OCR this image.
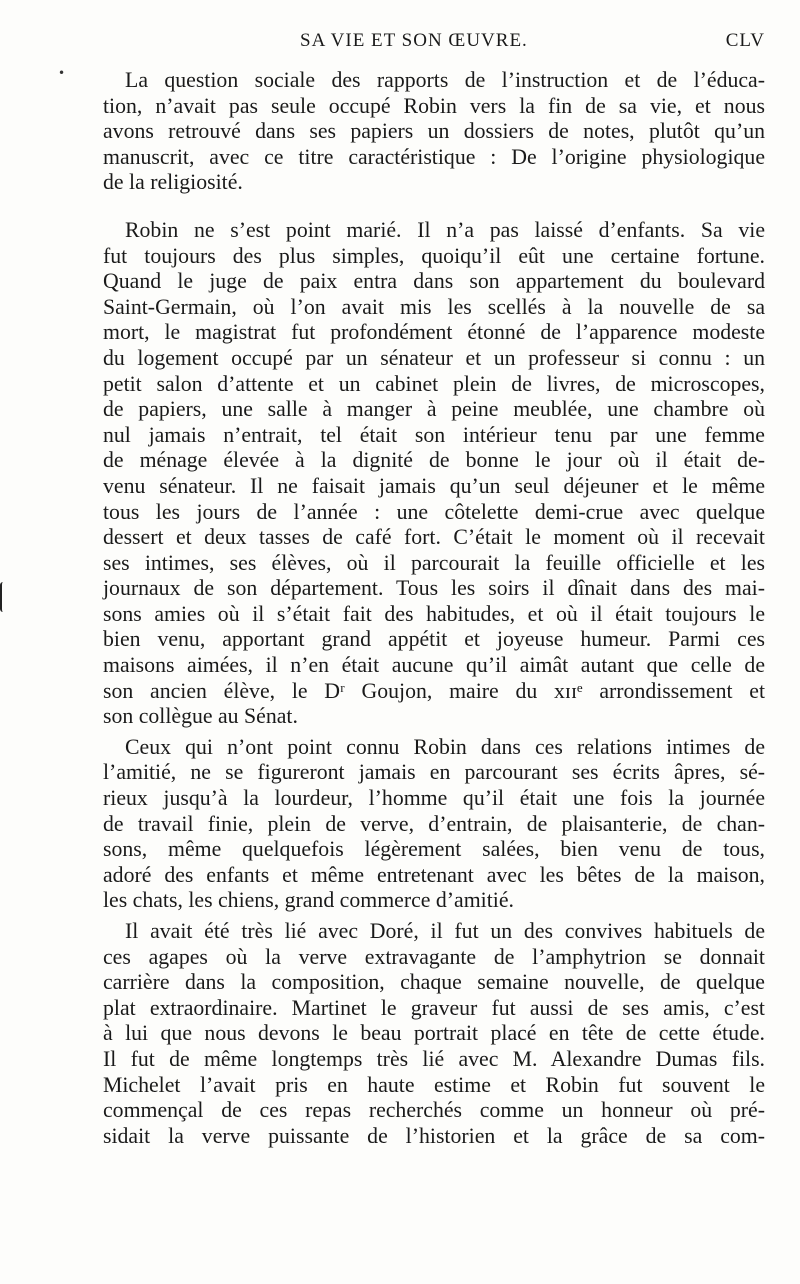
•
SA VIE ET SON ŒUVRE.	CLV
La question sociale des rapports de l’instruction et de l’éduca-
tion, n’avait pas seule occupé Robin vers la fin de sa vie, et nous
avons retrouvé dans ses papiers un dossiers de notes, plutôt qu’un
manuscrit, avec ce titre caractéristique : De l’origine physiologique
de la religiosité.
Robin ne s’est point marié. Il n’a pas laissé d’enfants. Sa vie
fut toujours des plus simples, quoiqu’il eût une certaine fortune.
Quand le juge de paix entra dans son appartement du boulevard
Saint-Germain, où l’on avait mis les scellés à la nouvelle de sa
mort, le magistrat fut profondément étonné de l’apparence modeste
du logement occupé par un sénateur et un professeur si connu : un
petit salon d’attente et un cabinet plein de livres, de microscopes,
de papiers, une salle à manger à peine meublée, une chambre où
nul jamais n’entrait, tel était son intérieur tenu par une femme
de ménage élevée à la dignité de bonne le jour où il était de-
venu sénateur. Il ne faisait jamais qu’un seul déjeuner et le même
tous les jours de l’année : une côtelette demi-crue avec quelque
dessert et deux tasses de café fort. C’était le moment où il recevait
ses intimes, ses élèves, où il parcourait la feuille officielle et les
journaux de son département. Tous les soirs il dînait dans des mai-
sons amies où il s’était fait des habitudes, et où il était toujours le
bien venu, apportant grand appétit et joyeuse humeur. Parmi ces
maisons aimées, il n’en était aucune qu’il aimât autant que celle de
son ancien élève, le Dʳ Goujon, maire du xɪɪᵉ arrondissement et
son collègue au Sénat.
Ceux qui n’ont point connu Robin dans ces relations intimes de
l’amitié, ne se figureront jamais en parcourant ses écrits âpres, sé-
rieux jusqu’à la lourdeur, l’homme qu’il était une fois la journée
de travail finie, plein de verve, d’entrain, de plaisanterie, de chan-
sons, même quelquefois légèrement salées, bien venu de tous,
adoré des enfants et même entretenant avec les bêtes de la maison,
les chats, les chiens, grand commerce d’amitié.
Il avait été très lié avec Doré, il fut un des convives habituels de
ces agapes où la verve extravagante de l’amphytrion se donnait
carrière dans la composition, chaque semaine nouvelle, de quelque
plat extraordinaire. Martinet le graveur fut aussi de ses amis, c’est
à lui que nous devons le beau portrait placé en tête de cette étude.
Il fut de même longtemps très lié avec M. Alexandre Dumas fils.
Michelet l’avait pris en haute estime et Robin fut souvent le
commençal de ces repas recherchés comme un honneur où pré-
sidait la verve puissante de l’historien et la grâce de sa com-
